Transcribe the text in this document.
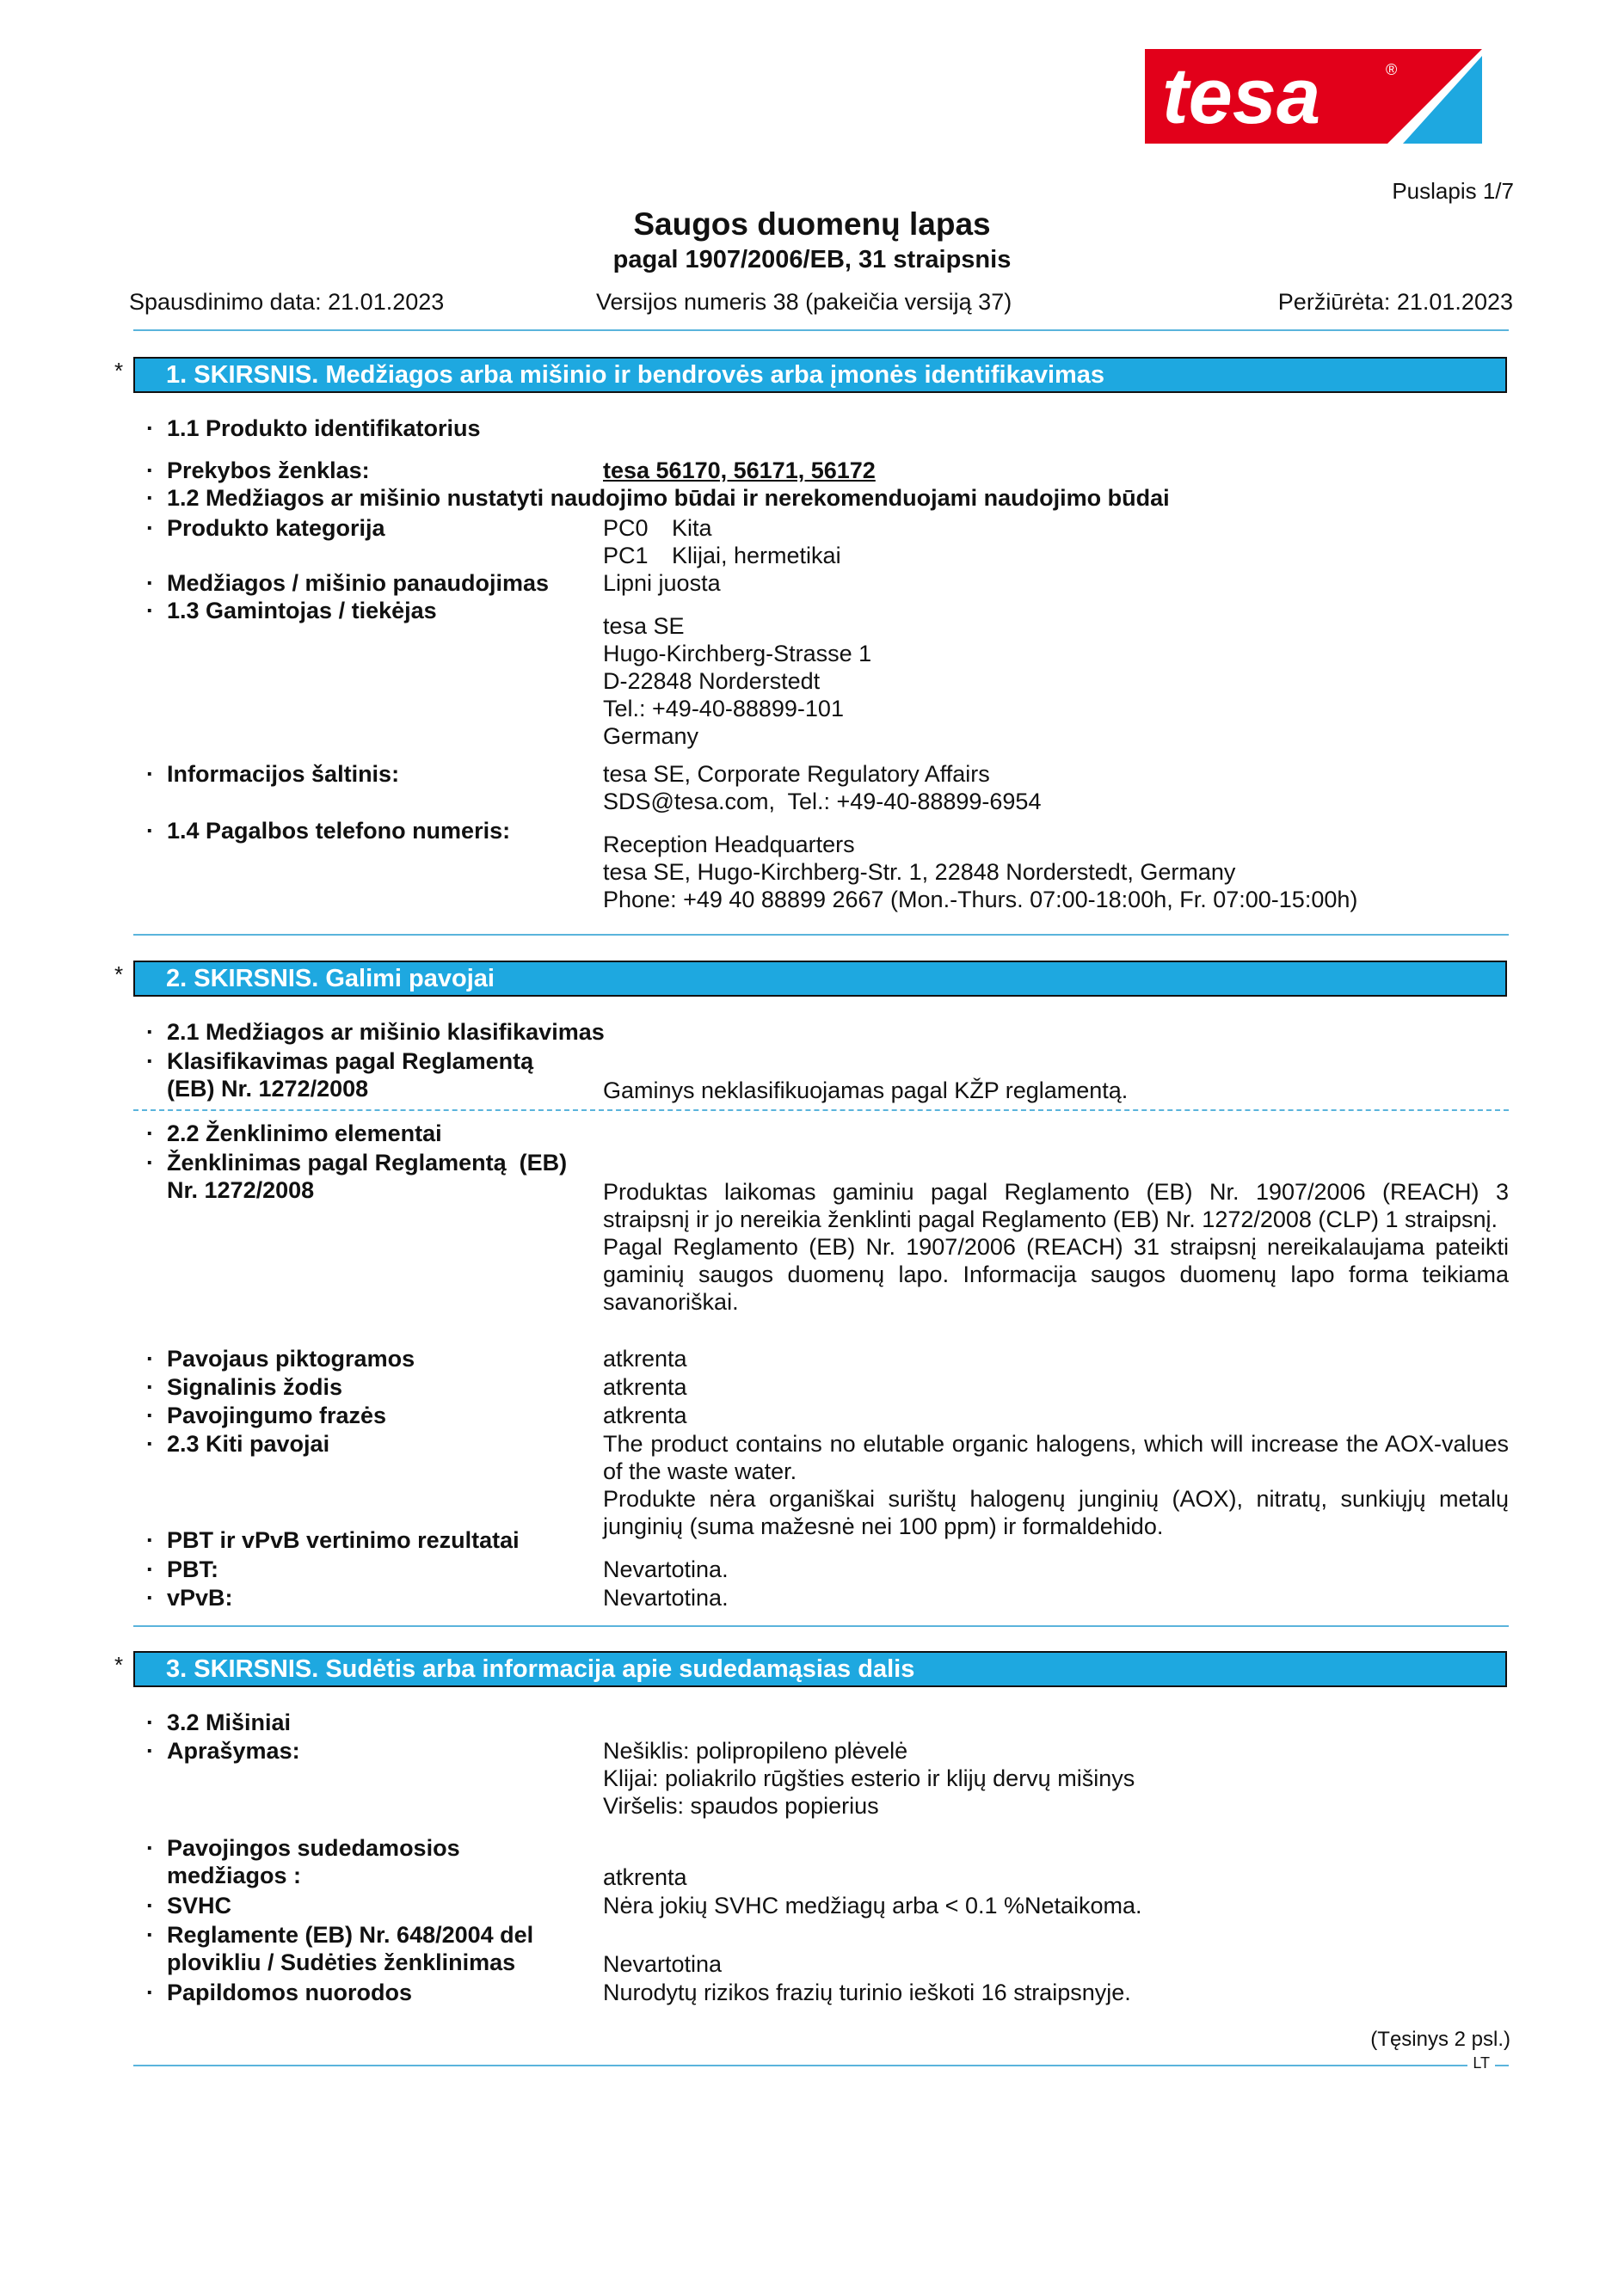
tesa	®
Puslapis 1/7
Saugos duomenų lapas
pagal 1907/2006/EB, 31 straipsnis
Spausdinimo data: 21.01.2023	Versijos numeris 38 (pakeičia versiją 37)	Peržiūrėta: 21.01.2023
*	1. SKIRSNIS. Medžiagos arba mišinio ir bendrovės arba įmonės identifikavimas
· 1.1 Produkto identifikatorius
· Prekybos ženklas:	tesa 56170, 56171, 56172
· 1.2 Medžiagos ar mišinio nustatyti naudojimo būdai ir nerekomenduojami naudojimo būdai
· Produkto kategorija	PC0 Kita
PC1 Klijai, hermetikai
· Medžiagos / mišinio panaudojimas	Lipni juosta
· 1.3 Gamintojas / tiekėjas
tesa SE
Hugo-Kirchberg-Strasse 1
D-22848 Norderstedt
Tel.: +49-40-88899-101
Germany
· Informacijos šaltinis:	tesa SE, Corporate Regulatory Affairs
SDS@tesa.com,  Tel.: +49-40-88899-6954
· 1.4 Pagalbos telefono numeris:
Reception Headquarters
tesa SE, Hugo-Kirchberg-Str. 1, 22848 Norderstedt, Germany
Phone: +49 40 88899 2667 (Mon.-Thurs. 07:00-18:00h, Fr. 07:00-15:00h)
*	2. SKIRSNIS. Galimi pavojai
· 2.1 Medžiagos ar mišinio klasifikavimas
· Klasifikavimas pagal Reglamentą
(EB) Nr. 1272/2008	Gaminys neklasifikuojamas pagal KŽP reglamentą.
· 2.2 Ženklinimo elementai
· Ženklinimas pagal Reglamentą  (EB)
Nr. 1272/2008	Produktas laikomas gaminiu pagal Reglamento (EB) Nr. 1907/2006 (REACH) 3 straipsnį ir jo nereikia ženklinti pagal Reglamento (EB) Nr. 1272/2008 (CLP) 1 straipsnį.
Pagal Reglamento (EB) Nr. 1907/2006 (REACH) 31 straipsnį nereikalaujama pateikti gaminių saugos duomenų lapo. Informacija saugos duomenų lapo forma teikiama savanoriškai.
· Pavojaus piktogramos	atkrenta
· Signalinis žodis	atkrenta
· Pavojingumo frazės	atkrenta
· 2.3 Kiti pavojai	The product contains no elutable organic halogens, which will increase the AOX-values of the waste water.
Produkte nėra organiškai surištų halogenų junginių (AOX), nitratų, sunkiųjų metalų junginių (suma mažesnė nei 100 ppm) ir formaldehido.
· PBT ir vPvB vertinimo rezultatai
· PBT:	Nevartotina.
· vPvB:	Nevartotina.
*	3. SKIRSNIS. Sudėtis arba informacija apie sudedamąsias dalis
· 3.2 Mišiniai
· Aprašymas:	Nešiklis: polipropileno plėvelė
Klijai: poliakrilo rūgšties esterio ir klijų dervų mišinys
Viršelis: spaudos popierius
· Pavojingos sudedamosios
medžiagos :	atkrenta
· SVHC	Nėra jokių SVHC medžiagų arba < 0.1 %Netaikoma.
· Reglamente (EB) Nr. 648/2004 del
plovikliu / Sudėties ženklinimas	Nevartotina
· Papildomos nuorodos	Nurodytų rizikos frazių turinio ieškoti 16 straipsnyje.
(Tęsinys 2 psl.)
LT
